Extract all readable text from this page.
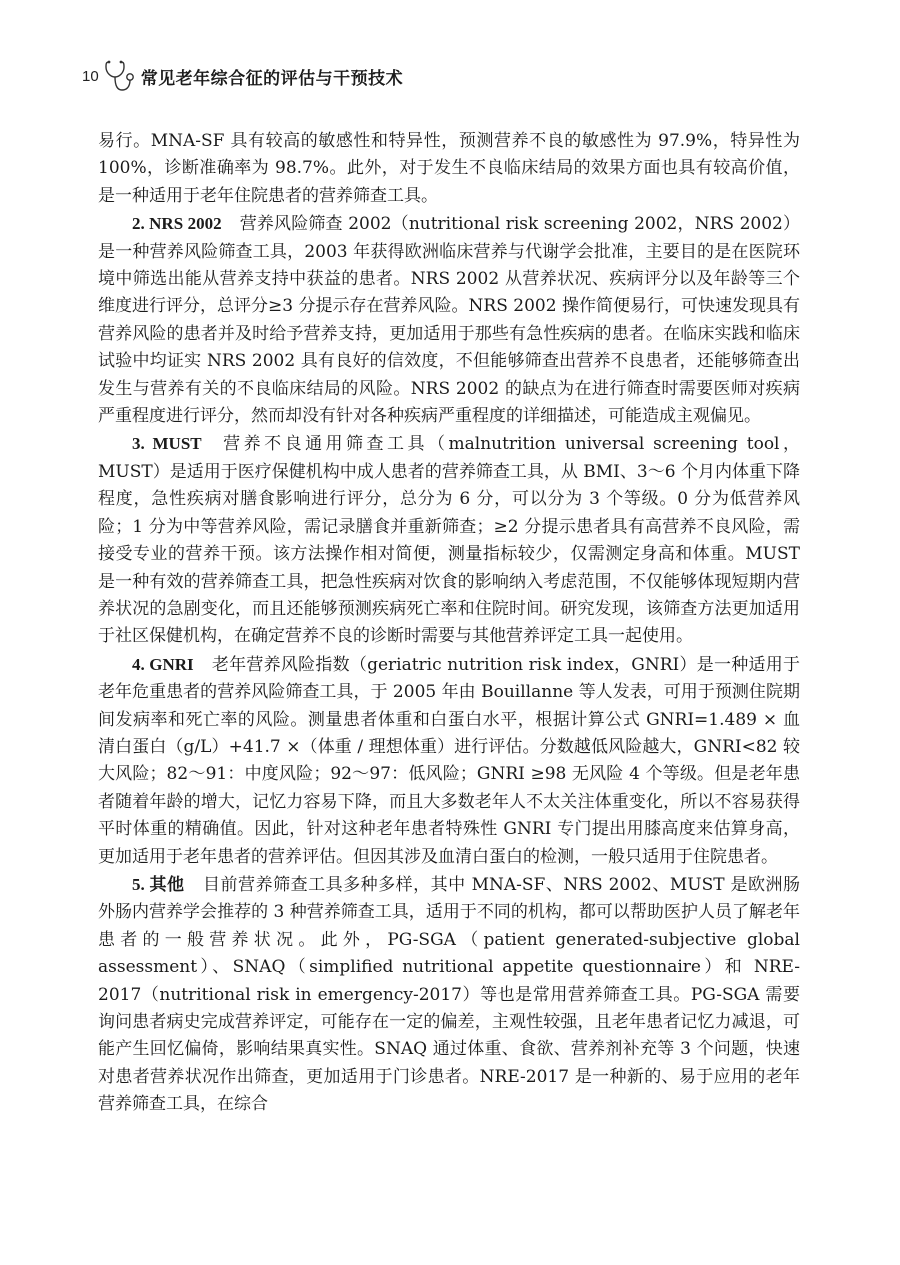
10 常见老年综合征的评估与干预技术

易行。MNA-SF 具有较高的敏感性和特异性，预测营养不良的敏感性为 97.9%，特异性为 100%，诊断准确率为 98.7%。此外，对于发生不良临床结局的效果方面也具有较高价值，是一种适用于老年住院患者的营养筛查工具。

2. NRS 2002 营养风险筛查 2002（nutritional risk screening 2002，NRS 2002）是一种营养风险筛查工具，2003 年获得欧洲临床营养与代谢学会批准，主要目的是在医院环境中筛选出能从营养支持中获益的患者。NRS 2002 从营养状况、疾病评分以及年龄等三个维度进行评分，总评分≥3 分提示存在营养风险。NRS 2002 操作简便易行，可快速发现具有营养风险的患者并及时给予营养支持，更加适用于那些有急性疾病的患者。在临床实践和临床试验中均证实 NRS 2002 具有良好的信效度，不但能够筛查出营养不良患者，还能够筛查出发生与营养有关的不良临床结局的风险。NRS 2002 的缺点为在进行筛查时需要医师对疾病严重程度进行评分，然而却没有针对各种疾病严重程度的详细描述，可能造成主观偏见。

3. MUST 营养不良通用筛查工具（malnutrition universal screening tool，MUST）是适用于医疗保健机构中成人患者的营养筛查工具，从 BMI、3～6 个月内体重下降程度，急性疾病对膳食影响进行评分，总分为 6 分，可以分为 3 个等级。0 分为低营养风险；1 分为中等营养风险，需记录膳食并重新筛查；≥2 分提示患者具有高营养不良风险，需接受专业的营养干预。该方法操作相对简便，测量指标较少，仅需测定身高和体重。MUST 是一种有效的营养筛查工具，把急性疾病对饮食的影响纳入考虑范围，不仅能够体现短期内营养状况的急剧变化，而且还能够预测疾病死亡率和住院时间。研究发现，该筛查方法更加适用于社区保健机构，在确定营养不良的诊断时需要与其他营养评定工具一起使用。

4. GNRI 老年营养风险指数（geriatric nutrition risk index，GNRI）是一种适用于老年危重患者的营养风险筛查工具，于 2005 年由 Bouillanne 等人发表，可用于预测住院期间发病率和死亡率的风险。测量患者体重和白蛋白水平，根据计算公式 GNRI=1.489 × 血清白蛋白（g/L）+41.7 ×（体重 / 理想体重）进行评估。分数越低风险越大，GNRI<82 较大风险；82～91：中度风险；92～97：低风险；GNRI ≥98 无风险 4 个等级。但是老年患者随着年龄的增大，记忆力容易下降，而且大多数老年人不太关注体重变化，所以不容易获得平时体重的精确值。因此，针对这种老年患者特殊性 GNRI 专门提出用膝高度来估算身高，更加适用于老年患者的营养评估。但因其涉及血清白蛋白的检测，一般只适用于住院患者。

5. 其他 目前营养筛查工具多种多样，其中 MNA-SF、NRS 2002、MUST 是欧洲肠外肠内营养学会推荐的 3 种营养筛查工具，适用于不同的机构，都可以帮助医护人员了解老年患者的一般营养状况。此外，PG-SGA（patient generated-subjective global assessment）、SNAQ（simplified nutritional appetite questionnaire）和 NRE-2017（nutritional risk in emergency-2017）等也是常用营养筛查工具。PG-SGA 需要询问患者病史完成营养评定，可能存在一定的偏差，主观性较强，且老年患者记忆力减退，可能产生回忆偏倚，影响结果真实性。SNAQ 通过体重、食欲、营养剂补充等 3 个问题，快速对患者营养状况作出筛查，更加适用于门诊患者。NRE-2017 是一种新的、易于应用的老年营养筛查工具，在综合
